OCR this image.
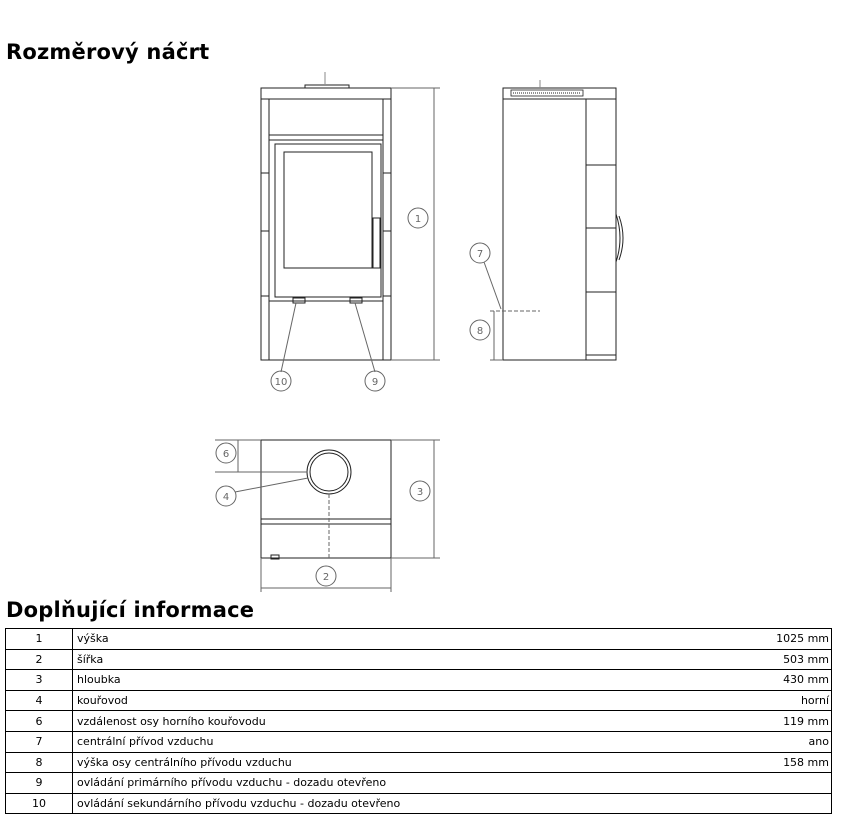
Rozměrový náčrt
1
2
3
4
6
7
8
9
10
Doplňující informace
1	výška	1025 mm
2	šířka	503 mm
3	hloubka	430 mm
4	kouřovod	horní
6	vzdálenost osy horního kouřovodu	119 mm
7	centrální přívod vzduchu	ano
8	výška osy centrálního přívodu vzduchu	158 mm
9	ovládání primárního přívodu vzduchu - dozadu otevřeno	
10	ovládání sekundárního přívodu vzduchu - dozadu otevřeno	
